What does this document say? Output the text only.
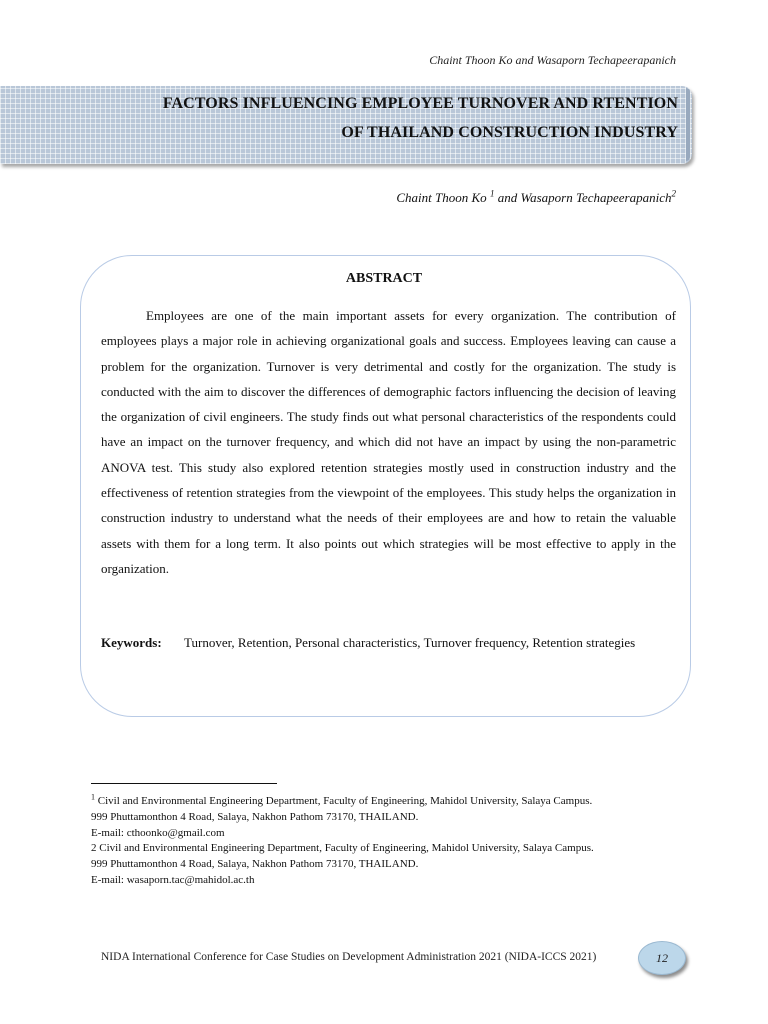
Chaint Thoon Ko and Wasaporn Techapeerapanich
FACTORS INFLUENCING EMPLOYEE TURNOVER AND RTENTION
OF THAILAND CONSTRUCTION INDUSTRY
Chaint Thoon Ko $^1$ and Wasaporn Techapeerapanich$^2$
ABSTRACT

Employees are one of the main important assets for every organization. The contribution of employees plays a major role in achieving organizational goals and success. Employees leaving can cause a problem for the organization. Turnover is very detrimental and costly for the organization. The study is conducted with the aim to discover the differences of demographic factors influencing the decision of leaving the organization of civil engineers. The study finds out what personal characteristics of the respondents could have an impact on the turnover frequency, and which did not have an impact by using the non-parametric ANOVA test. This study also explored retention strategies mostly used in construction industry and the effectiveness of retention strategies from the viewpoint of the employees. This study helps the organization in construction industry to understand what the needs of their employees are and how to retain the valuable assets with them for a long term. It also points out which strategies will be most effective to apply in the organization.

Keywords: Turnover, Retention, Personal characteristics, Turnover frequency, Retention strategies
$^1$ Civil and Environmental Engineering Department, Faculty of Engineering, Mahidol University, Salaya Campus.
999 Phuttamonthon 4 Road, Salaya, Nakhon Pathom 73170, THAILAND.
E-mail: cthoonko@gmail.com
2 Civil and Environmental Engineering Department, Faculty of Engineering, Mahidol University, Salaya Campus.
999 Phuttamonthon 4 Road, Salaya, Nakhon Pathom 73170, THAILAND.
E-mail: wasaporn.tac@mahidol.ac.th
NIDA International Conference for Case Studies on Development Administration 2021 (NIDA-ICCS 2021)	12
